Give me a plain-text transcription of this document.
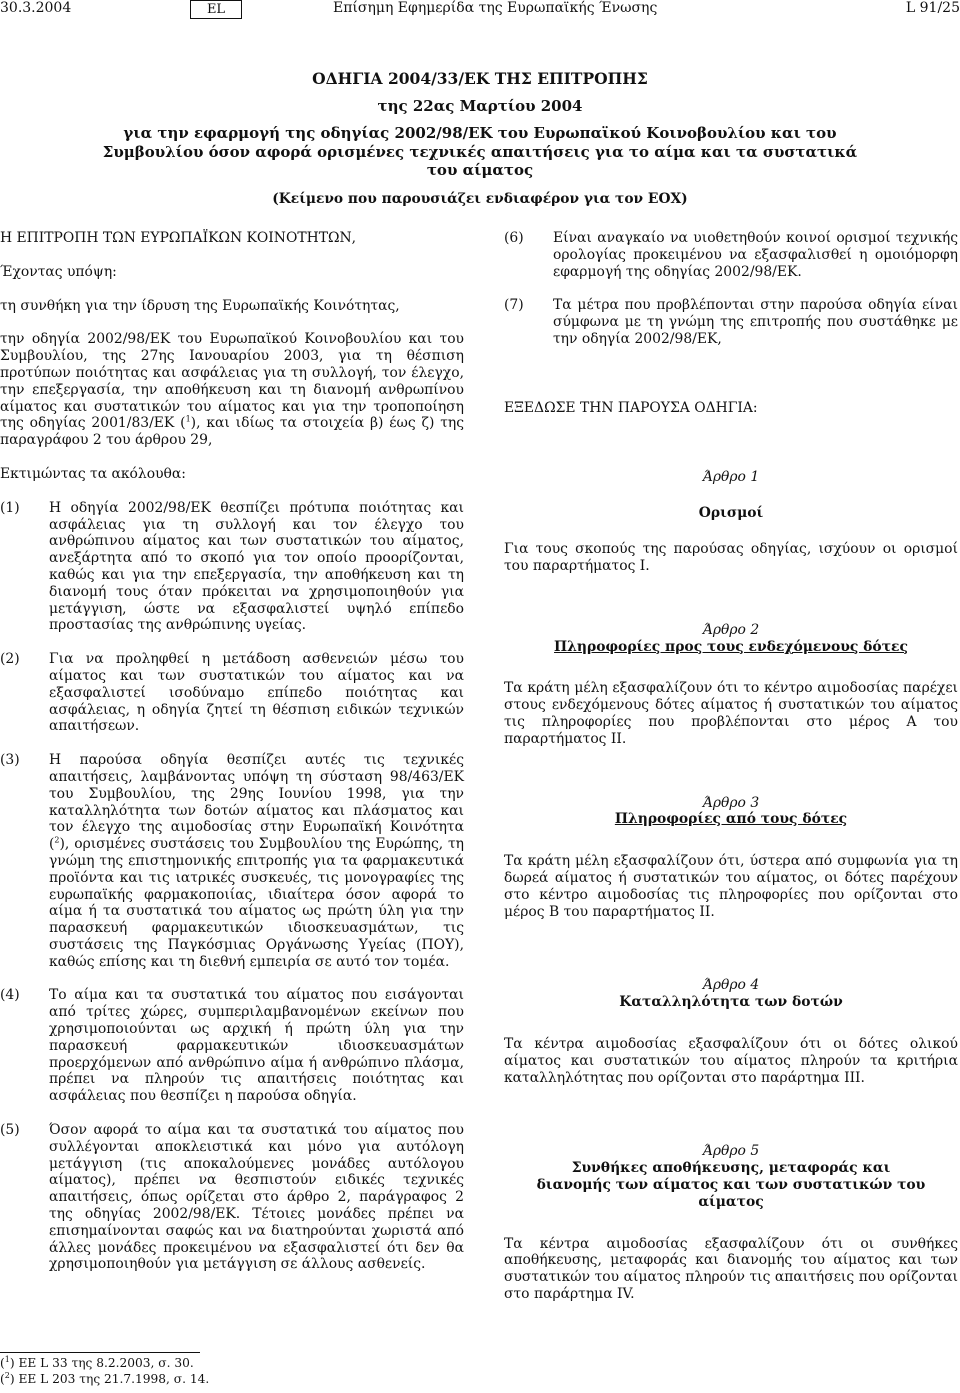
30.3.2004	EL	Επίσημη Εφημερίδα της Ευρωπαϊκής Ένωσης	L 91/25
ΟΔΗΓΙΑ 2004/33/ΕΚ ΤΗΣ ΕΠΙΤΡΟΠΗΣ
της 22ας Μαρτίου 2004
για την εφαρμογή της οδηγίας 2002/98/ΕΚ του Ευρωπαϊκού Κοινοβουλίου και του Συμβουλίου όσον αφορά ορισμένες τεχνικές απαιτήσεις για το αίμα και τα συστατικά του αίματος
(Κείμενο που παρουσιάζει ενδιαφέρον για τον ΕΟΧ)

Η ΕΠΙΤΡΟΠΗ ΤΩΝ ΕΥΡΩΠΑΪΚΩΝ ΚΟΙΝΟΤΗΤΩΝ,

Έχοντας υπόψη:

τη συνθήκη για την ίδρυση της Ευρωπαϊκής Κοινότητας,

την οδηγία 2002/98/ΕΚ του Ευρωπαϊκού Κοινοβουλίου και του Συμβουλίου, της 27ης Ιανουαρίου 2003, για τη θέσπιση προτύπων ποιότητας και ασφάλειας για τη συλλογή, τον έλεγχο, την επεξεργασία, την αποθήκευση και τη διανομή ανθρωπίνου αίματος και συστατικών του αίματος και για την τροποποίηση της οδηγίας 2001/83/ΕΚ ($^1$), και ιδίως τα στοιχεία β) έως ζ) της παραγράφου 2 του άρθρου 29,

Εκτιμώντας τα ακόλουθα:

(1) Η οδηγία 2002/98/ΕΚ θεσπίζει πρότυπα ποιότητας και ασφάλειας για τη συλλογή και τον έλεγχο του ανθρώπινου αίματος και των συστατικών του αίματος, ανεξάρτητα από το σκοπό για τον οποίο προορίζονται, καθώς και για την επεξεργασία, την αποθήκευση και τη διανομή τους όταν πρόκειται να χρησιμοποιηθούν για μετάγγιση, ώστε να εξασφαλιστεί υψηλό επίπεδο προστασίας της ανθρώπινης υγείας.
(2) Για να προληφθεί η μετάδοση ασθενειών μέσω του αίματος και των συστατικών του αίματος και να εξασφαλιστεί ισοδύναμο επίπεδο ποιότητας και ασφάλειας, η οδηγία ζητεί τη θέσπιση ειδικών τεχνικών απαιτήσεων.
(3) Η παρούσα οδηγία θεσπίζει αυτές τις τεχνικές απαιτήσεις, λαμβάνοντας υπόψη τη σύσταση 98/463/ΕΚ του Συμβουλίου, της 29ης Ιουνίου 1998, για την καταλληλότητα των δοτών αίματος και πλάσματος και τον έλεγχο της αιμοδοσίας στην Ευρωπαϊκή Κοινότητα ($^2$), ορισμένες συστάσεις του Συμβουλίου της Ευρώπης, τη γνώμη της επιστημονικής επιτροπής για τα φαρμακευτικά προϊόντα και τις ιατρικές συσκευές, τις μονογραφίες της ευρωπαϊκής φαρμακοποιίας, ιδιαίτερα όσον αφορά το αίμα ή τα συστατικά του αίματος ως πρώτη ύλη για την παρασκευή φαρμακευτικών ιδιοσκευασμάτων, τις συστάσεις της Παγκόσμιας Οργάνωσης Υγείας (ΠΟΥ), καθώς επίσης και τη διεθνή εμπειρία σε αυτό τον τομέα.
(4) Το αίμα και τα συστατικά του αίματος που εισάγονται από τρίτες χώρες, συμπεριλαμβανομένων εκείνων που χρησιμοποιούνται ως αρχική ή πρώτη ύλη για την παρασκευή φαρμακευτικών ιδιοσκευασμάτων προερχόμενων από ανθρώπινο αίμα ή ανθρώπινο πλάσμα, πρέπει να πληρούν τις απαιτήσεις ποιότητας και ασφάλειας που θεσπίζει η παρούσα οδηγία.
(5) Όσον αφορά το αίμα και τα συστατικά του αίματος που συλλέγονται αποκλειστικά και μόνο για αυτόλογη μετάγγιση (τις αποκαλούμενες μονάδες αυτόλογου αίματος), πρέπει να θεσπιστούν ειδικές τεχνικές απαιτήσεις, όπως ορίζεται στο άρθρο 2, παράγραφος 2 της οδηγίας 2002/98/ΕΚ. Τέτοιες μονάδες πρέπει να επισημαίνονται σαφώς και να διατηρούνται χωριστά από άλλες μονάδες προκειμένου να εξασφαλιστεί ότι δεν θα χρησιμοποιηθούν για μετάγγιση σε άλλους ασθενείς.
(6) Είναι αναγκαίο να υιοθετηθούν κοινοί ορισμοί τεχνικής ορολογίας προκειμένου να εξασφαλισθεί η ομοιόμορφη εφαρμογή της οδηγίας 2002/98/ΕΚ.
(7) Τα μέτρα που προβλέπονται στην παρούσα οδηγία είναι σύμφωνα με τη γνώμη της επιτροπής που συστάθηκε με την οδηγία 2002/98/ΕΚ,

ΕΞΕΔΩΣΕ ΤΗΝ ΠΑΡΟΥΣΑ ΟΔΗΓΙΑ:

Άρθρο 1

Ορισμοί

Για τους σκοπούς της παρούσας οδηγίας, ισχύουν οι ορισμοί του παραρτήματος I.

Άρθρο 2

Πληροφορίες προς τους ενδεχόμενους δότες

Τα κράτη μέλη εξασφαλίζουν ότι το κέντρο αιμοδοσίας παρέχει στους ενδεχόμενους δότες αίματος ή συστατικών του αίματος τις πληροφορίες που προβλέπονται στο μέρος Α του παραρτήματος II.

Άρθρο 3

Πληροφορίες από τους δότες

Τα κράτη μέλη εξασφαλίζουν ότι, ύστερα από συμφωνία για τη δωρεά αίματος ή συστατικών του αίματος, οι δότες παρέχουν στο κέντρο αιμοδοσίας τις πληροφορίες που ορίζονται στο μέρος Β του παραρτήματος II.

Άρθρο 4

Καταλληλότητα των δοτών

Τα κέντρα αιμοδοσίας εξασφαλίζουν ότι οι δότες ολικού αίματος και συστατικών του αίματος πληρούν τα κριτήρια καταλληλότητας που ορίζονται στο παράρτημα III.

Άρθρο 5

Συνθήκες αποθήκευσης, μεταφοράς και διανομής των αίματος και των συστατικών του αίματος

Τα κέντρα αιμοδοσίας εξασφαλίζουν ότι οι συνθήκες αποθήκευσης, μεταφοράς και διανομής του αίματος και των συστατικών του αίματος πληρούν τις απαιτήσεις που ορίζονται στο παράρτημα IV.

($^1$) ΕΕ L 33 της 8.2.2003, σ. 30.
($^2$) ΕΕ L 203 της 21.7.1998, σ. 14.
